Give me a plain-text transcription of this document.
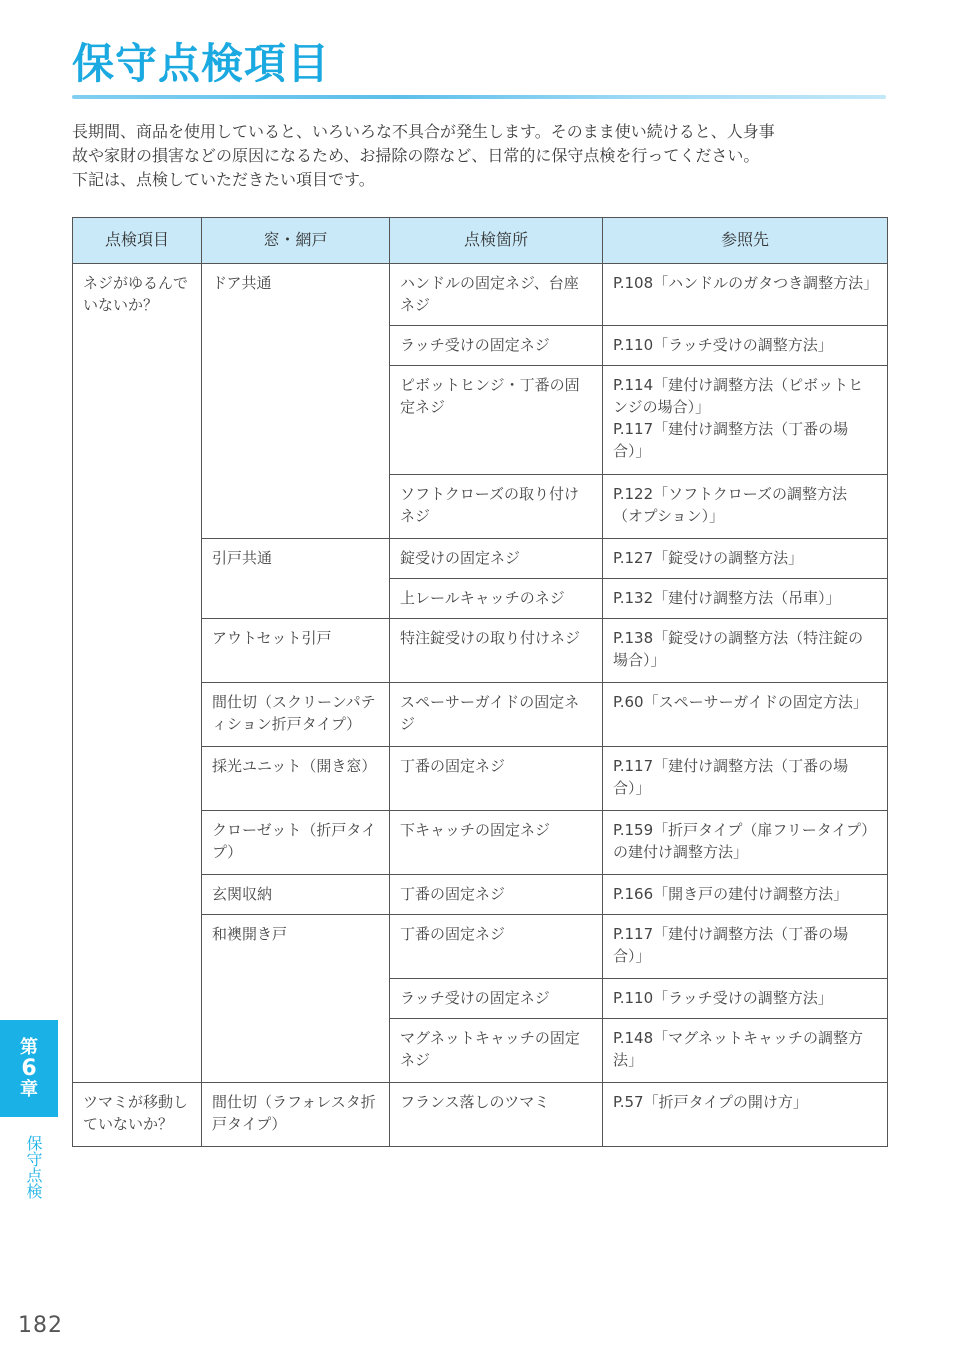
保守点検項目

長期間、商品を使用していると、いろいろな不具合が発生します。そのまま使い続けると、人身事

故や家財の損害などの原因になるため、お掃除の際など、日常的に保守点検を行ってください。

下記は、点検していただきたい項目です。

点検項目	窓・網戸	点検箇所	参照先
ネジがゆるんでいないか？	ドア共通	ハンドルの固定ネジ、台座ネジ	P.108「ハンドルのガタつき調整方法」

		ラッチ受けの固定ネジ	P.110「ラッチ受けの調整方法」

		ピボットヒンジ・丁番の固定ネジ	P.114「建付け調整方法（ピボットヒンジの場合）」
P.117「建付け調整方法（丁番の場合）」

		ソフトクローズの取り付けネジ	P.122「ソフトクローズの調整方法（オプション）」

	引戸共通	錠受けの固定ネジ	P.127「錠受けの調整方法」

		上レールキャッチのネジ	P.132「建付け調整方法（吊車）」

	アウトセット引戸	特注錠受けの取り付けネジ	P.138「錠受けの調整方法（特注錠の場合）」

	間仕切（スクリーンパティション折戸タイプ）	スペーサーガイドの固定ネジ	P.60「スペーサーガイドの固定方法」

	採光ユニット（開き窓）	丁番の固定ネジ	P.117「建付け調整方法（丁番の場合）」

	クローゼット（折戸タイプ）	下キャッチの固定ネジ	P.159「折戸タイプ（扉フリータイプ）の建付け調整方法」

	玄関収納	丁番の固定ネジ	P.166「開き戸の建付け調整方法」

	和襖開き戸	丁番の固定ネジ	P.117「建付け調整方法（丁番の場合）」

		ラッチ受けの固定ネジ	P.110「ラッチ受けの調整方法」

		マグネットキャッチの固定ネジ	P.148「マグネットキャッチの調整方法」

ツマミが移動していないか？	間仕切（ラフォレスタ折戸タイプ）	フランス落しのツマミ	P.57「折戸タイプの開け方」
第
6
章
保守点検
182
